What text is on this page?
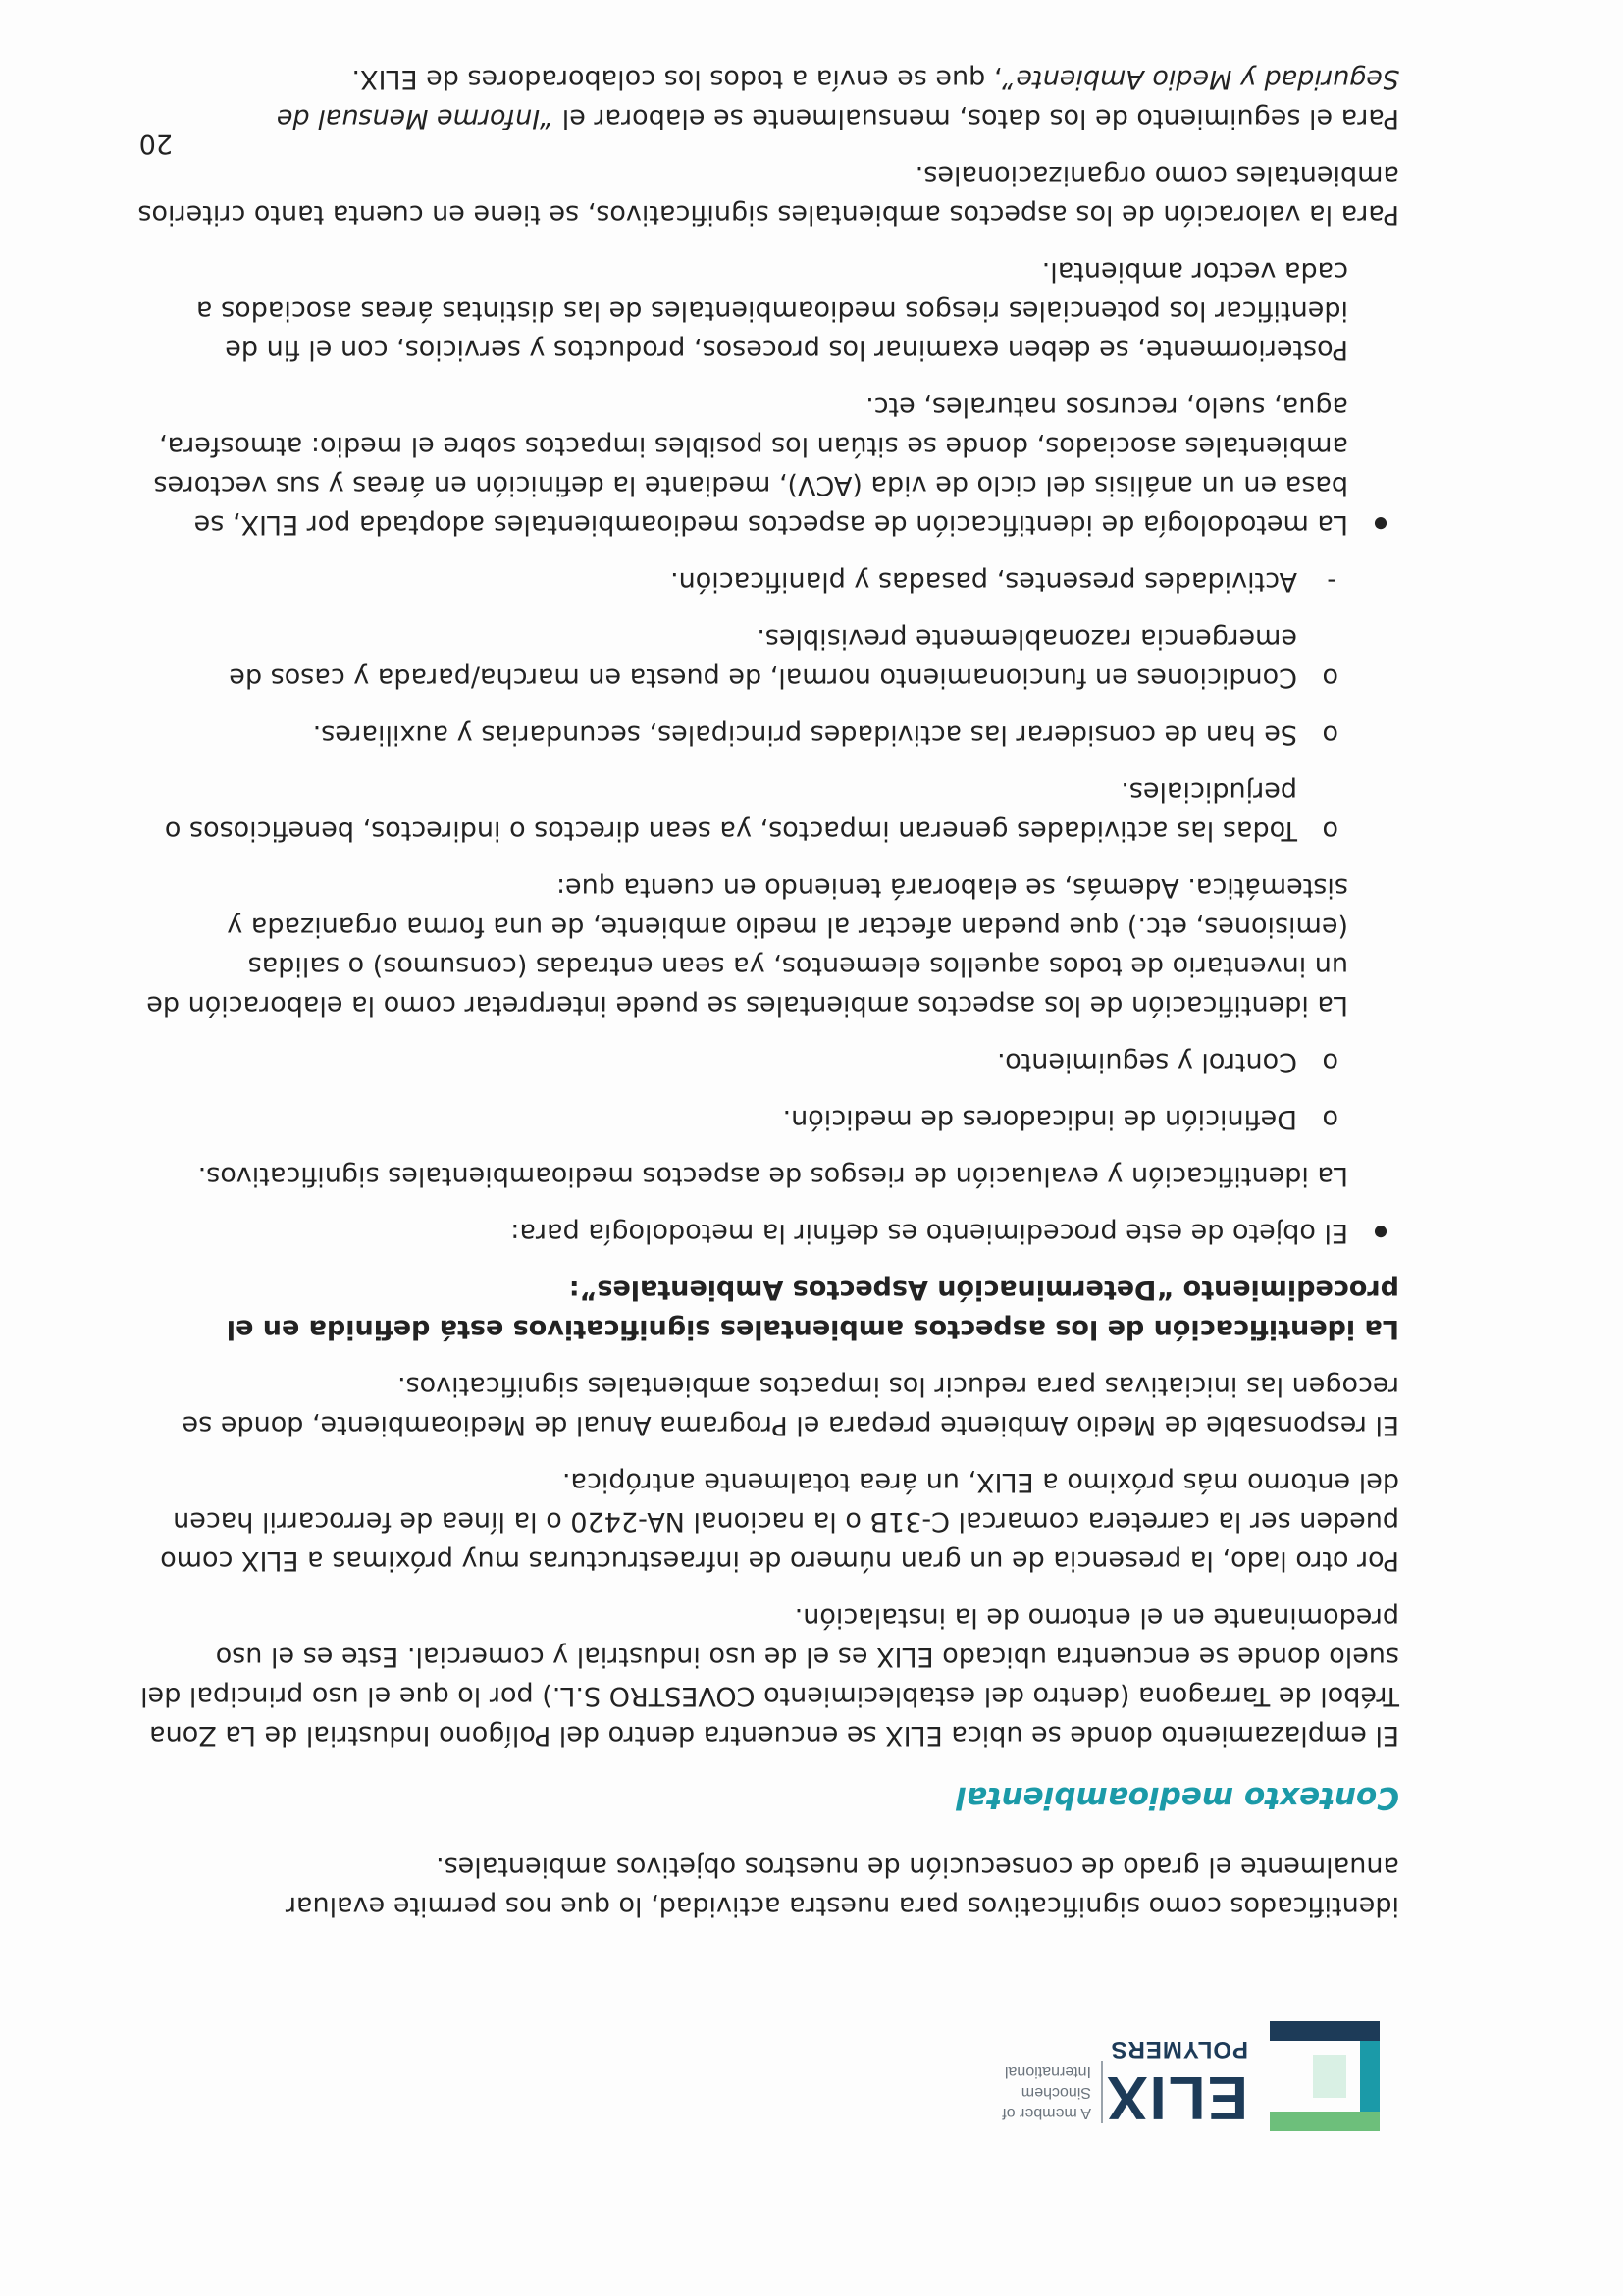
ELIX
POLYMERS
A member of
Sinochem
International

identificados como significativos para nuestra actividad, lo que nos permite evaluar anualmente el grado de consecución de nuestros objetivos ambientales.

Contexto medioambiental

El emplazamiento donde se ubica ELIX se encuentra dentro del Polígono Industrial de La Zona Trébol de Tarragona (dentro del establecimiento COVESTRO S.L.) por lo que el uso principal del suelo donde se encuentra ubicado ELIX es el de uso industrial y comercial. Este es el uso predominante en el entorno de la instalación.

Por otro lado, la presencia de un gran número de infraestructuras muy próximas a ELIX como pueden ser la carretera comarcal C-31B o la nacional NA-2420 o la línea de ferrocarril hacen del entorno más próximo a ELIX, un área totalmente antrópica.

El responsable de Medio Ambiente prepara el Programa Anual de Medioambiente, donde se recogen las iniciativas para reducir los impactos ambientales significativos.

La identificación de los aspectos ambientales significativos está definida en el procedimiento “Determinación Aspectos Ambientales”:

● El objeto de este procedimiento es definir la metodología para:

La identificación y evaluación de riesgos de aspectos medioambientales significativos.

o Definición de indicadores de medición.
o Control y seguimiento.

La identificación de los aspectos ambientales se puede interpretar como la elaboración de un inventario de todos aquellos elementos, ya sean entradas (consumos) o salidas (emisiones, etc.) que puedan afectar al medio ambiente, de una forma organizada y sistemática. Además, se elaborará teniendo en cuenta que:

o Todas las actividades generan impactos, ya sean directos o indirectos, beneficiosos o perjudiciales.
o Se han de considerar las actividades principales, secundarias y auxiliares.
o Condiciones en funcionamiento normal, de puesta en marcha/parada y casos de emergencia razonablemente previsibles.
- Actividades presentes, pasadas y planificación.
● La metodología de identificación de aspectos medioambientales adoptada por ELIX, se basa en un análisis del ciclo de vida (ACV), mediante la definición en áreas y sus vectores ambientales asociados, donde se sitúan los posibles impactos sobre el medio: atmosfera, agua, suelo, recursos naturales, etc.

Posteriormente, se deben examinar los procesos, productos y servicios, con el fin de identificar los potenciales riesgos medioambientales de las distintas áreas asociados a cada vector ambiental.

Para la valoración de los aspectos ambientales significativos, se tiene en cuenta tanto criterios ambientales como organizacionales.

Para el seguimiento de los datos, mensualmente se elaborar el “Informe Mensual de Seguridad y Medio Ambiente”, que se envía a todos los colaboradores de ELIX.

20
